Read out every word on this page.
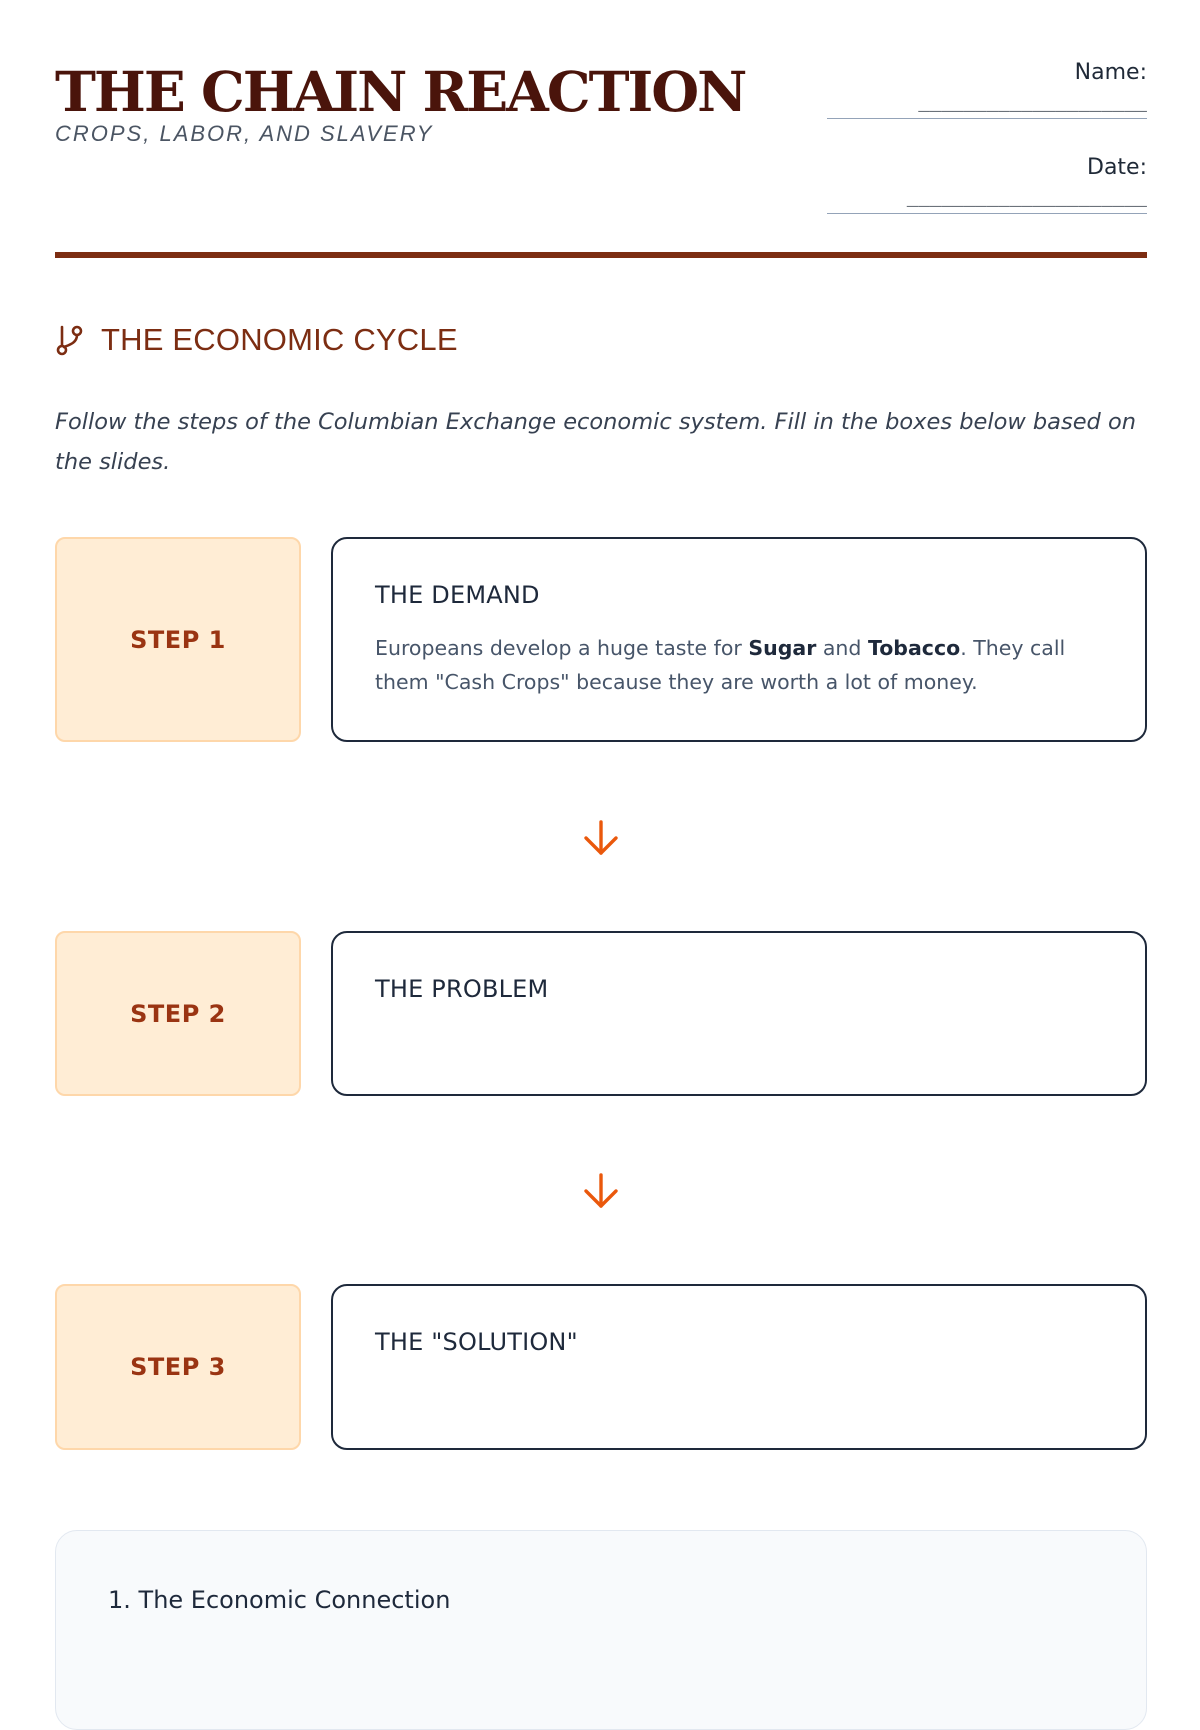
THE CHAIN REACTION
CROPS, LABOR, AND SLAVERY
Name:
____________________
Date:
_____________________
THE ECONOMIC CYCLE
Follow the steps of the Columbian Exchange economic system. Fill in the boxes below based on the slides.
STEP 1
THE DEMAND
Europeans develop a huge taste for Sugar and Tobacco. They call them "Cash Crops" because they are worth a lot of money.
STEP 2
THE PROBLEM
STEP 3
THE "SOLUTION"
1. The Economic Connection
